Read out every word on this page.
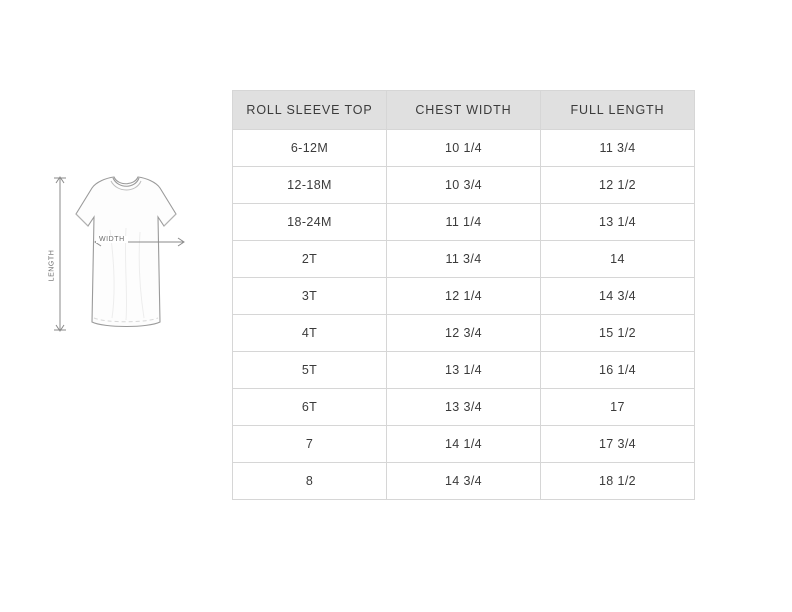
LENGTH
WIDTH
ROLL SLEEVE TOP	CHEST WIDTH	FULL LENGTH
6-12M	10 1/4	11 3/4
12-18M	10 3/4	12 1/2
18-24M	11 1/4	13 1/4
2T	11 3/4	14
3T	12 1/4	14 3/4
4T	12 3/4	15 1/2
5T	13 1/4	16 1/4
6T	13 3/4	17
7	14 1/4	17 3/4
8	14 3/4	18 1/2
